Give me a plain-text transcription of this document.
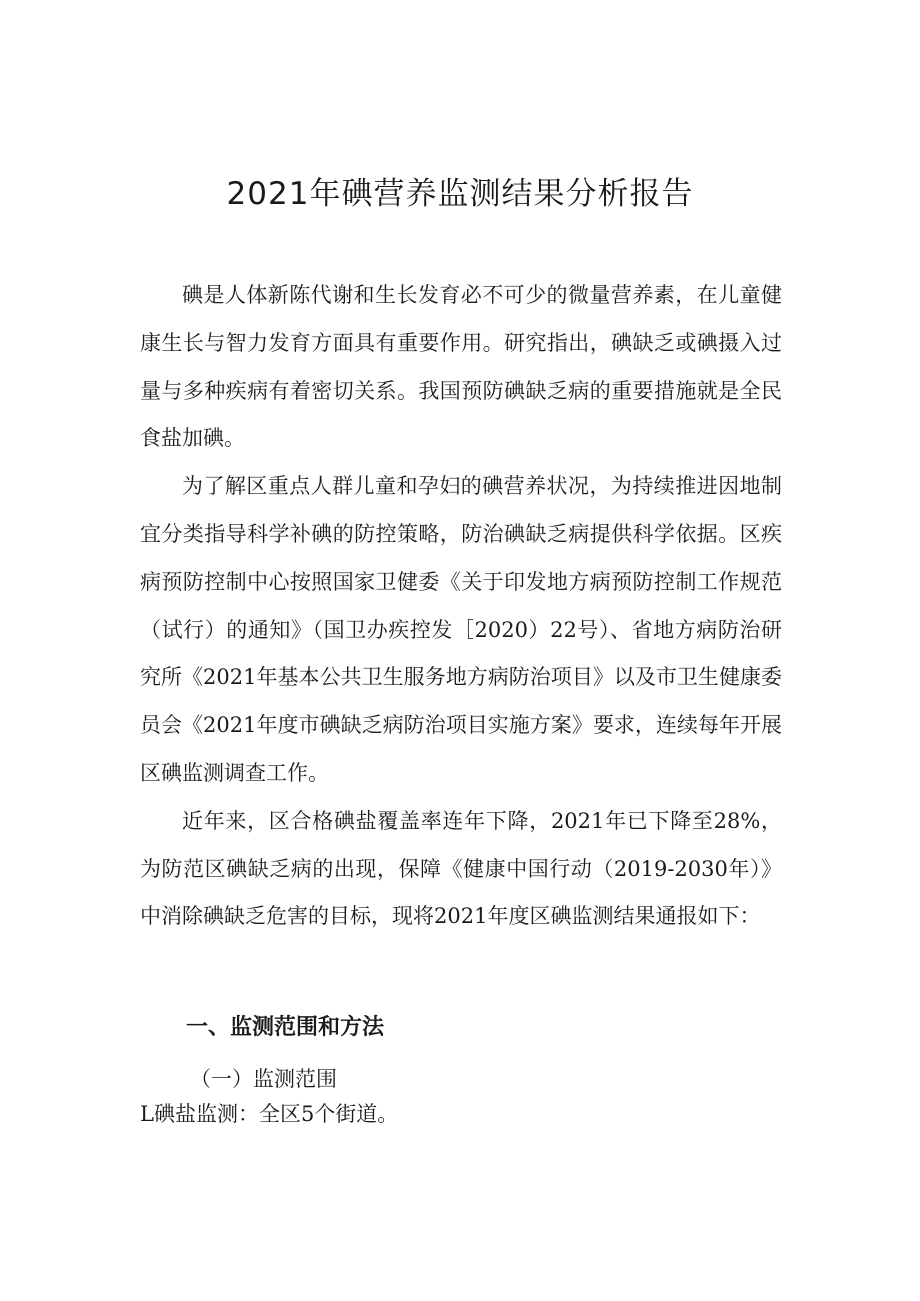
2021年碘营养监测结果分析报告

碘是人体新陈代谢和生长发育必不可少的微量营养素，在儿童健康生长与智力发育方面具有重要作用。研究指出，碘缺乏或碘摄入过量与多种疾病有着密切关系。我国预防碘缺乏病的重要措施就是全民食盐加碘。

为了解区重点人群儿童和孕妇的碘营养状况，为持续推进因地制宜分类指导科学补碘的防控策略，防治碘缺乏病提供科学依据。区疾病预防控制中心按照国家卫健委《关于印发地方病预防控制工作规范（试行）的通知》（国卫办疾控发［2020）22号）、省地方病防治研究所《2021年基本公共卫生服务地方病防治项目》以及市卫生健康委员会《2021年度市碘缺乏病防治项目实施方案》要求，连续每年开展区碘监测调查工作。

近年来，区合格碘盐覆盖率连年下降，2021年已下降至28%，为防范区碘缺乏病的出现，保障《健康中国行动（2019-2030年）》中消除碘缺乏危害的目标，现将2021年度区碘监测结果通报如下：

一、监测范围和方法

（一）监测范围

L碘盐监测：全区5个街道。
